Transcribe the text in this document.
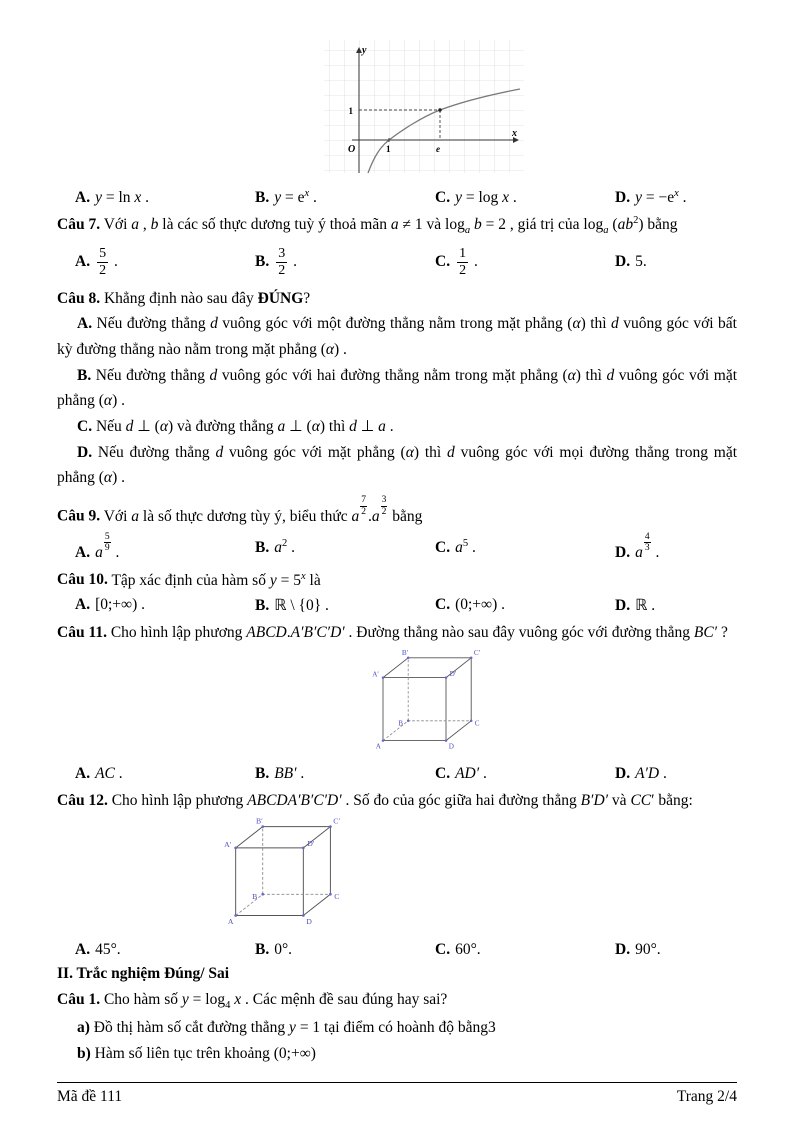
y
x
O
1
1	e
A. y = ln x .	B. $y = e^x$ .	C. y = log x .	D. $y = -e^x$ .

Câu 7. Với a , b là các số thực dương tuỳ ý thoả mãn a ≠ 1 và $\log_a b = 2$ , giá trị của $\log_a (ab^2)$ bằng

A. $\frac{5}{2}$ .	B. $\frac{3}{2}$ .	C. $\frac{1}{2}$ .	D. 5.

Câu 8. Khẳng định nào sau đây ĐÚNG?

A. Nếu đường thẳng d vuông góc với một đường thẳng nằm trong mặt phẳng (α) thì d vuông góc với bất kỳ đường thẳng nào nằm trong mặt phẳng (α) .

B. Nếu đường thẳng d vuông góc với hai đường thẳng nằm trong mặt phẳng (α) thì d vuông góc với mặt phẳng (α) .

C. Nếu d ⊥ (α) và đường thẳng a ⊥ (α) thì d ⊥ a .

D. Nếu đường thẳng d vuông góc với mặt phẳng (α) thì d vuông góc với mọi đường thẳng trong mặt phẳng (α) .

Câu 9. Với a là số thực dương tùy ý, biểu thức a $\frac{7}{2} .a \frac{3}{2}$ bằng

A. a $\frac{5}{9}$ .	B. $a^2$ .	C. $a^5$ .	D. a $\frac{4}{3}$ .

Câu 10. Tập xác định của hàm số $y = 5^x$ là

A. [0;+∞) .	B. ℝ \ {0} .	C. (0;+∞) .	D. ℝ .

Câu 11. Cho hình lập phương ABCD.A′B′C′D′ . Đường thẳng nào sau đây vuông góc với đường thẳng BC′ ?

A
B	C
D
A′
B′	C′
D′
A. AC .	B. BB′ .	C. AD′ .	D. A′D .

Câu 12. Cho hình lập phương ABCDA′B′C′D′ . Số đo của góc giữa hai đường thẳng B′D′ và CC′ bằng:

A
B	C
D
A′
B′	C′
D′
A. 45°.	B. 0°.	C. 60°.	D. 90°.

II. Trắc nghiệm Đúng/ Sai

Câu 1. Cho hàm số $y = \log_4 x$ . Các mệnh đề sau đúng hay sai?

a) Đồ thị hàm số cắt đường thẳng y = 1 tại điểm có hoành độ bằng3

b) Hàm số liên tục trên khoảng (0;+∞)

Mã đề 111	Trang 2/4
